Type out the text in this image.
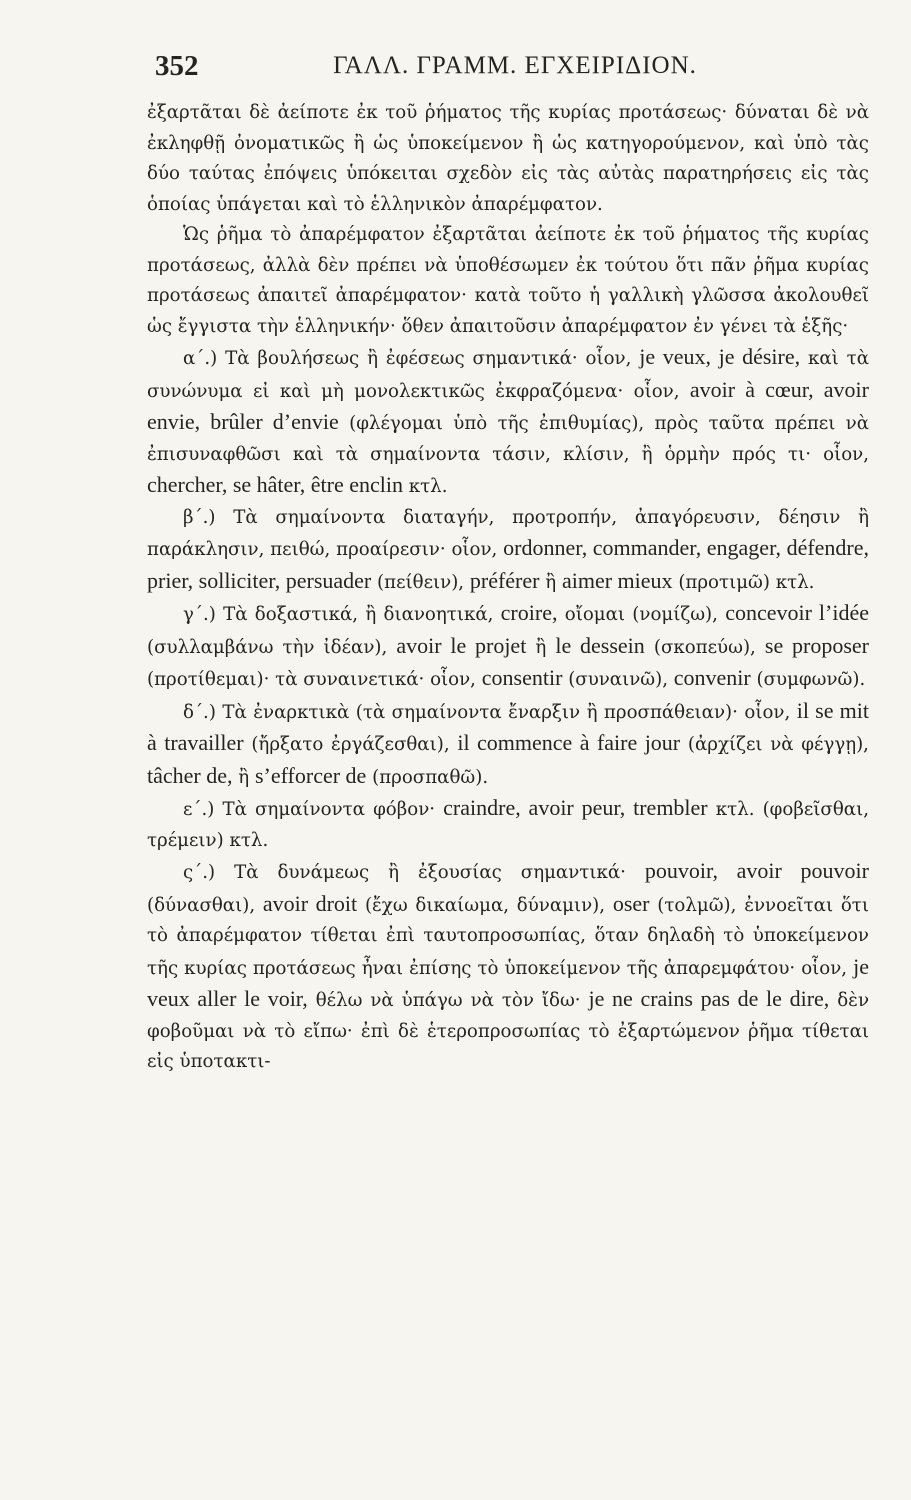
352	ΓΑΛΛ. ΓΡΑΜΜ. ΕΓΧΕΙΡΙΔΙΟΝ.

ἐξαρτᾶται δὲ ἀείποτε ἐκ τοῦ ῥήματος τῆς κυρίας προτάσεως· δύναται δὲ νὰ ἐκληφθῇ ὀνοματικῶς ἢ ὡς ὑποκείμενον ἢ ὡς κατηγορούμενον, καὶ ὑπὸ τὰς δύο ταύτας ἐπόψεις ὑπόκειται σχεδὸν εἰς τὰς αὐτὰς παρατηρήσεις εἰς τὰς ὁποίας ὑπάγεται καὶ τὸ ἑλληνικὸν ἀπαρέμφατον.

Ὡς ῥῆμα τὸ ἀπαρέμφατον ἐξαρτᾶται ἀείποτε ἐκ τοῦ ῥήματος τῆς κυρίας προτάσεως, ἀλλὰ δὲν πρέπει νὰ ὑποθέσωμεν ἐκ τούτου ὅτι πᾶν ῥῆμα κυρίας προτάσεως ἀπαιτεῖ ἀπαρέμφατον· κατὰ τοῦτο ἡ γαλλικὴ γλῶσσα ἀκολουθεῖ ὡς ἔγγιστα τὴν ἑλληνικήν· ὅθεν ἀπαιτοῦσιν ἀπαρέμφατον ἐν γένει τὰ ἑξῆς·

α΄.) Τὰ βουλήσεως ἢ ἐφέσεως σημαντικά· οἷον, je veux, je désire, καὶ τὰ συνώνυμα εἰ καὶ μὴ μονολεκτικῶς ἐκφραζόμενα· οἷον, avoir à cœur, avoir envie, brûler d’envie (φλέγομαι ὑπὸ τῆς ἐπιθυμίας), πρὸς ταῦτα πρέπει νὰ ἐπισυναφθῶσι καὶ τὰ σημαίνοντα τάσιν, κλίσιν, ἢ ὁρμὴν πρός τι· οἷον, chercher, se hâter, être enclin κτλ.

β΄.) Τὰ σημαίνοντα διαταγήν, προτροπήν, ἀπαγόρευσιν, δέησιν ἢ παράκλησιν, πειθώ, προαίρεσιν· οἷον, ordonner, commander, engager, défendre, prier, solliciter, persuader (πείθειν), préférer ἢ aimer mieux (προτιμῶ) κτλ.

γ΄.) Τὰ δοξαστικά, ἢ διανοητικά, croire, οἴομαι (νομίζω), concevoir l’idée (συλλαμβάνω τὴν ἰδέαν), avoir le projet ἢ le dessein (σκοπεύω), se proposer (προτίθεμαι)· τὰ συναινετικά· οἷον, consentir (συναινῶ), convenir (συμφωνῶ).

δ΄.) Τὰ ἐναρκτικὰ (τὰ σημαίνοντα ἔναρξιν ἢ προσπάθειαν)· οἷον, il se mit à travailler (ἤρξατο ἐργάζεσθαι), il commence à faire jour (ἀρχίζει νὰ φέγγῃ), tâcher de, ἢ s’efforcer de (προσπαθῶ).

ε΄.) Τὰ σημαίνοντα φόβον· craindre, avoir peur, trembler κτλ. (φοβεῖσθαι, τρέμειν) κτλ.

ς΄.) Τὰ δυνάμεως ἢ ἐξουσίας σημαντικά· pouvoir, avoir pouvoir (δύνασθαι), avoir droit (ἔχω δικαίωμα, δύναμιν), oser (τολμῶ), ἐννοεῖται ὅτι τὸ ἀπαρέμφατον τίθεται ἐπὶ ταυτοπροσωπίας, ὅταν δηλαδὴ τὸ ὑποκείμενον τῆς κυρίας προτάσεως ἦναι ἐπίσης τὸ ὑποκείμενον τῆς ἀπαρεμφάτου· οἷον, je veux aller le voir, θέλω νὰ ὑπάγω νὰ τὸν ἴδω· je ne crains pas de le dire, δὲν φοβοῦμαι νὰ τὸ εἴπω· ἐπὶ δὲ ἑτεροπροσωπίας τὸ ἐξαρτώμενον ῥῆμα τίθεται εἰς ὑποτακτι-
